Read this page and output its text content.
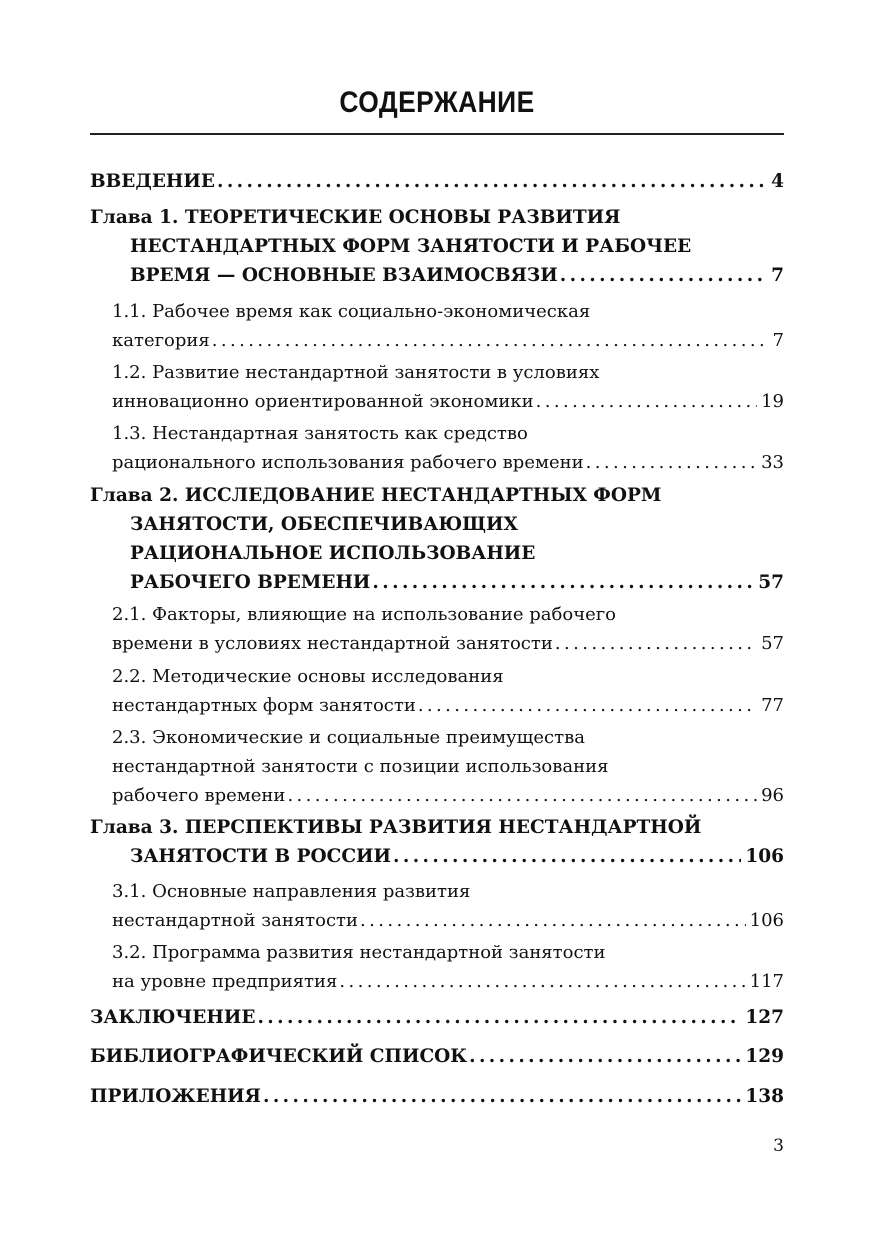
СОДЕРЖАНИЕ
ВВЕДЕНИЕ .....	4
Глава 1. ТЕОРЕТИЧЕСКИЕ ОСНОВЫ РАЗВИТИЯ
НЕСТАНДАРТНЫХ ФОРМ ЗАНЯТОСТИ И РАБОЧЕЕ
ВРЕМЯ — ОСНОВНЫЕ ВЗАИМОСВЯЗИ .....	7
1.1. Рабочее время как социально-экономическая
категория .....	7
1.2. Развитие нестандартной занятости в условиях
инновационно ориентированной экономики .....	19
1.3. Нестандартная занятость как средство
рационального использования рабочего времени .....	33
Глава 2. ИССЛЕДОВАНИЕ НЕСТАНДАРТНЫХ ФОРМ
ЗАНЯТОСТИ, ОБЕСПЕЧИВАЮЩИХ
РАЦИОНАЛЬНОЕ ИСПОЛЬЗОВАНИЕ
РАБОЧЕГО ВРЕМЕНИ .....	57
2.1. Факторы, влияющие на использование рабочего
времени в условиях нестандартной занятости .....	57
2.2. Методические основы исследования
нестандартных форм занятости .....	77
2.3. Экономические и социальные преимущества
нестандартной занятости с позиции использования
рабочего времени .....	96
Глава 3. ПЕРСПЕКТИВЫ РАЗВИТИЯ НЕСТАНДАРТНОЙ
ЗАНЯТОСТИ В РОССИИ .....	106
3.1. Основные направления развития
нестандартной занятости .....	106
3.2. Программа развития нестандартной занятости
на уровне предприятия .....	117
ЗАКЛЮЧЕНИЕ .....	127
БИБЛИОГРАФИЧЕСКИЙ СПИСОК .....	129
ПРИЛОЖЕНИЯ .....	138
3
